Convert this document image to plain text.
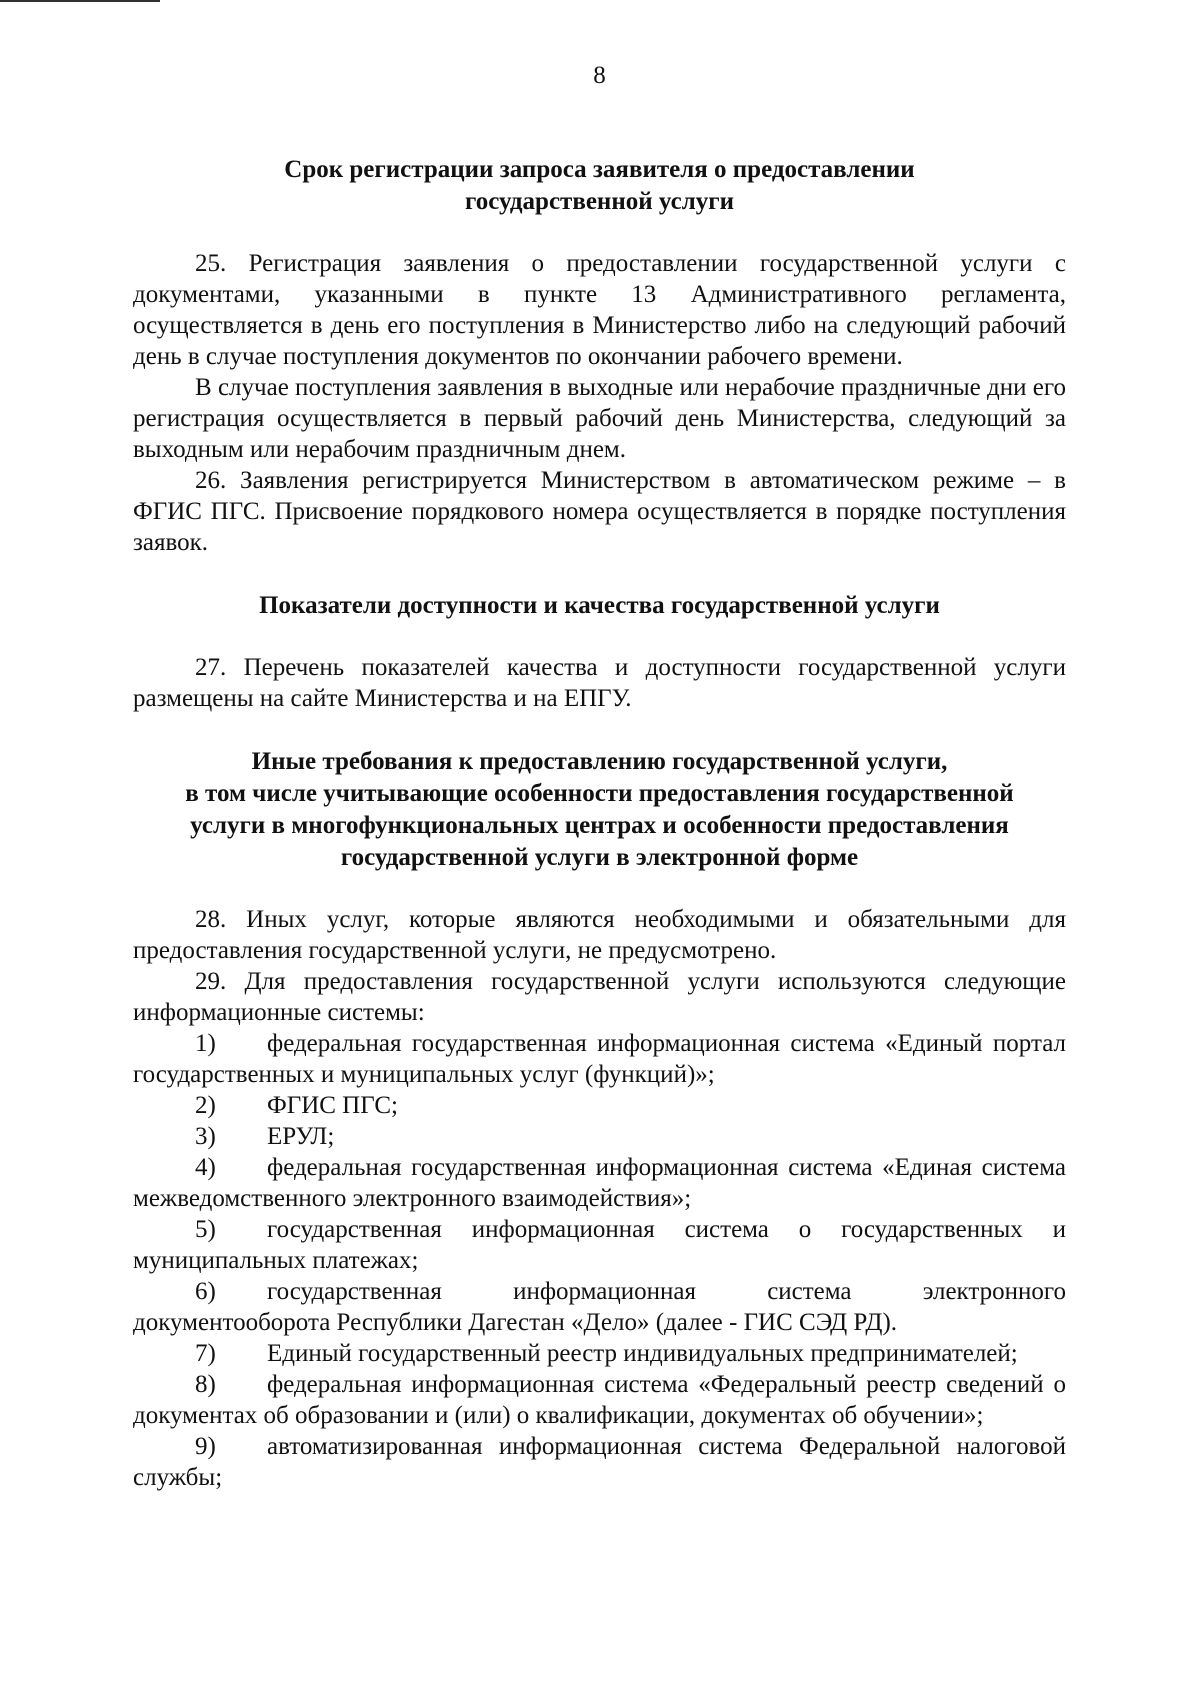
8
Срок регистрации запроса заявителя о предоставлении
государственной услуги

25. Регистрация заявления о предоставлении государственной услуги с документами, указанными в пункте 13 Административного регламента, осуществляется в день его поступления в Министерство либо на следующий рабочий день в случае поступления документов по окончании рабочего времени.

В случае поступления заявления в выходные или нерабочие праздничные дни его регистрация осуществляется в первый рабочий день Министерства, следующий за выходным или нерабочим праздничным днем.

26. Заявления регистрируется Министерством в автоматическом режиме – в ФГИС ПГС. Присвоение порядкового номера осуществляется в порядке поступления заявок.

Показатели доступности и качества государственной услуги

27. Перечень показателей качества и доступности государственной услуги размещены на сайте Министерства и на ЕПГУ.

Иные требования к предоставлению государственной услуги,
в том числе учитывающие особенности предоставления государственной
услуги в многофункциональных центрах и особенности предоставления
государственной услуги в электронной форме

28. Иных услуг, которые являются необходимыми и обязательными для предоставления государственной услуги, не предусмотрено.

29. Для предоставления государственной услуги используются следующие информационные системы:

1) федеральная государственная информационная система «Единый портал государственных и муниципальных услуг (функций)»;

2) ФГИС ПГС;

3) ЕРУЛ;

4) федеральная государственная информационная система «Единая система межведомственного электронного взаимодействия»;

5) государственная информационная система о государственных и муниципальных платежах;

6) государственная информационная система электронного документооборота Республики Дагестан «Дело» (далее - ГИС СЭД РД).

7) Единый государственный реестр индивидуальных предпринимателей;

8) федеральная информационная система «Федеральный реестр сведений о документах об образовании и (или) о квалификации, документах об обучении»;

9) автоматизированная информационная система Федеральной налоговой службы;
